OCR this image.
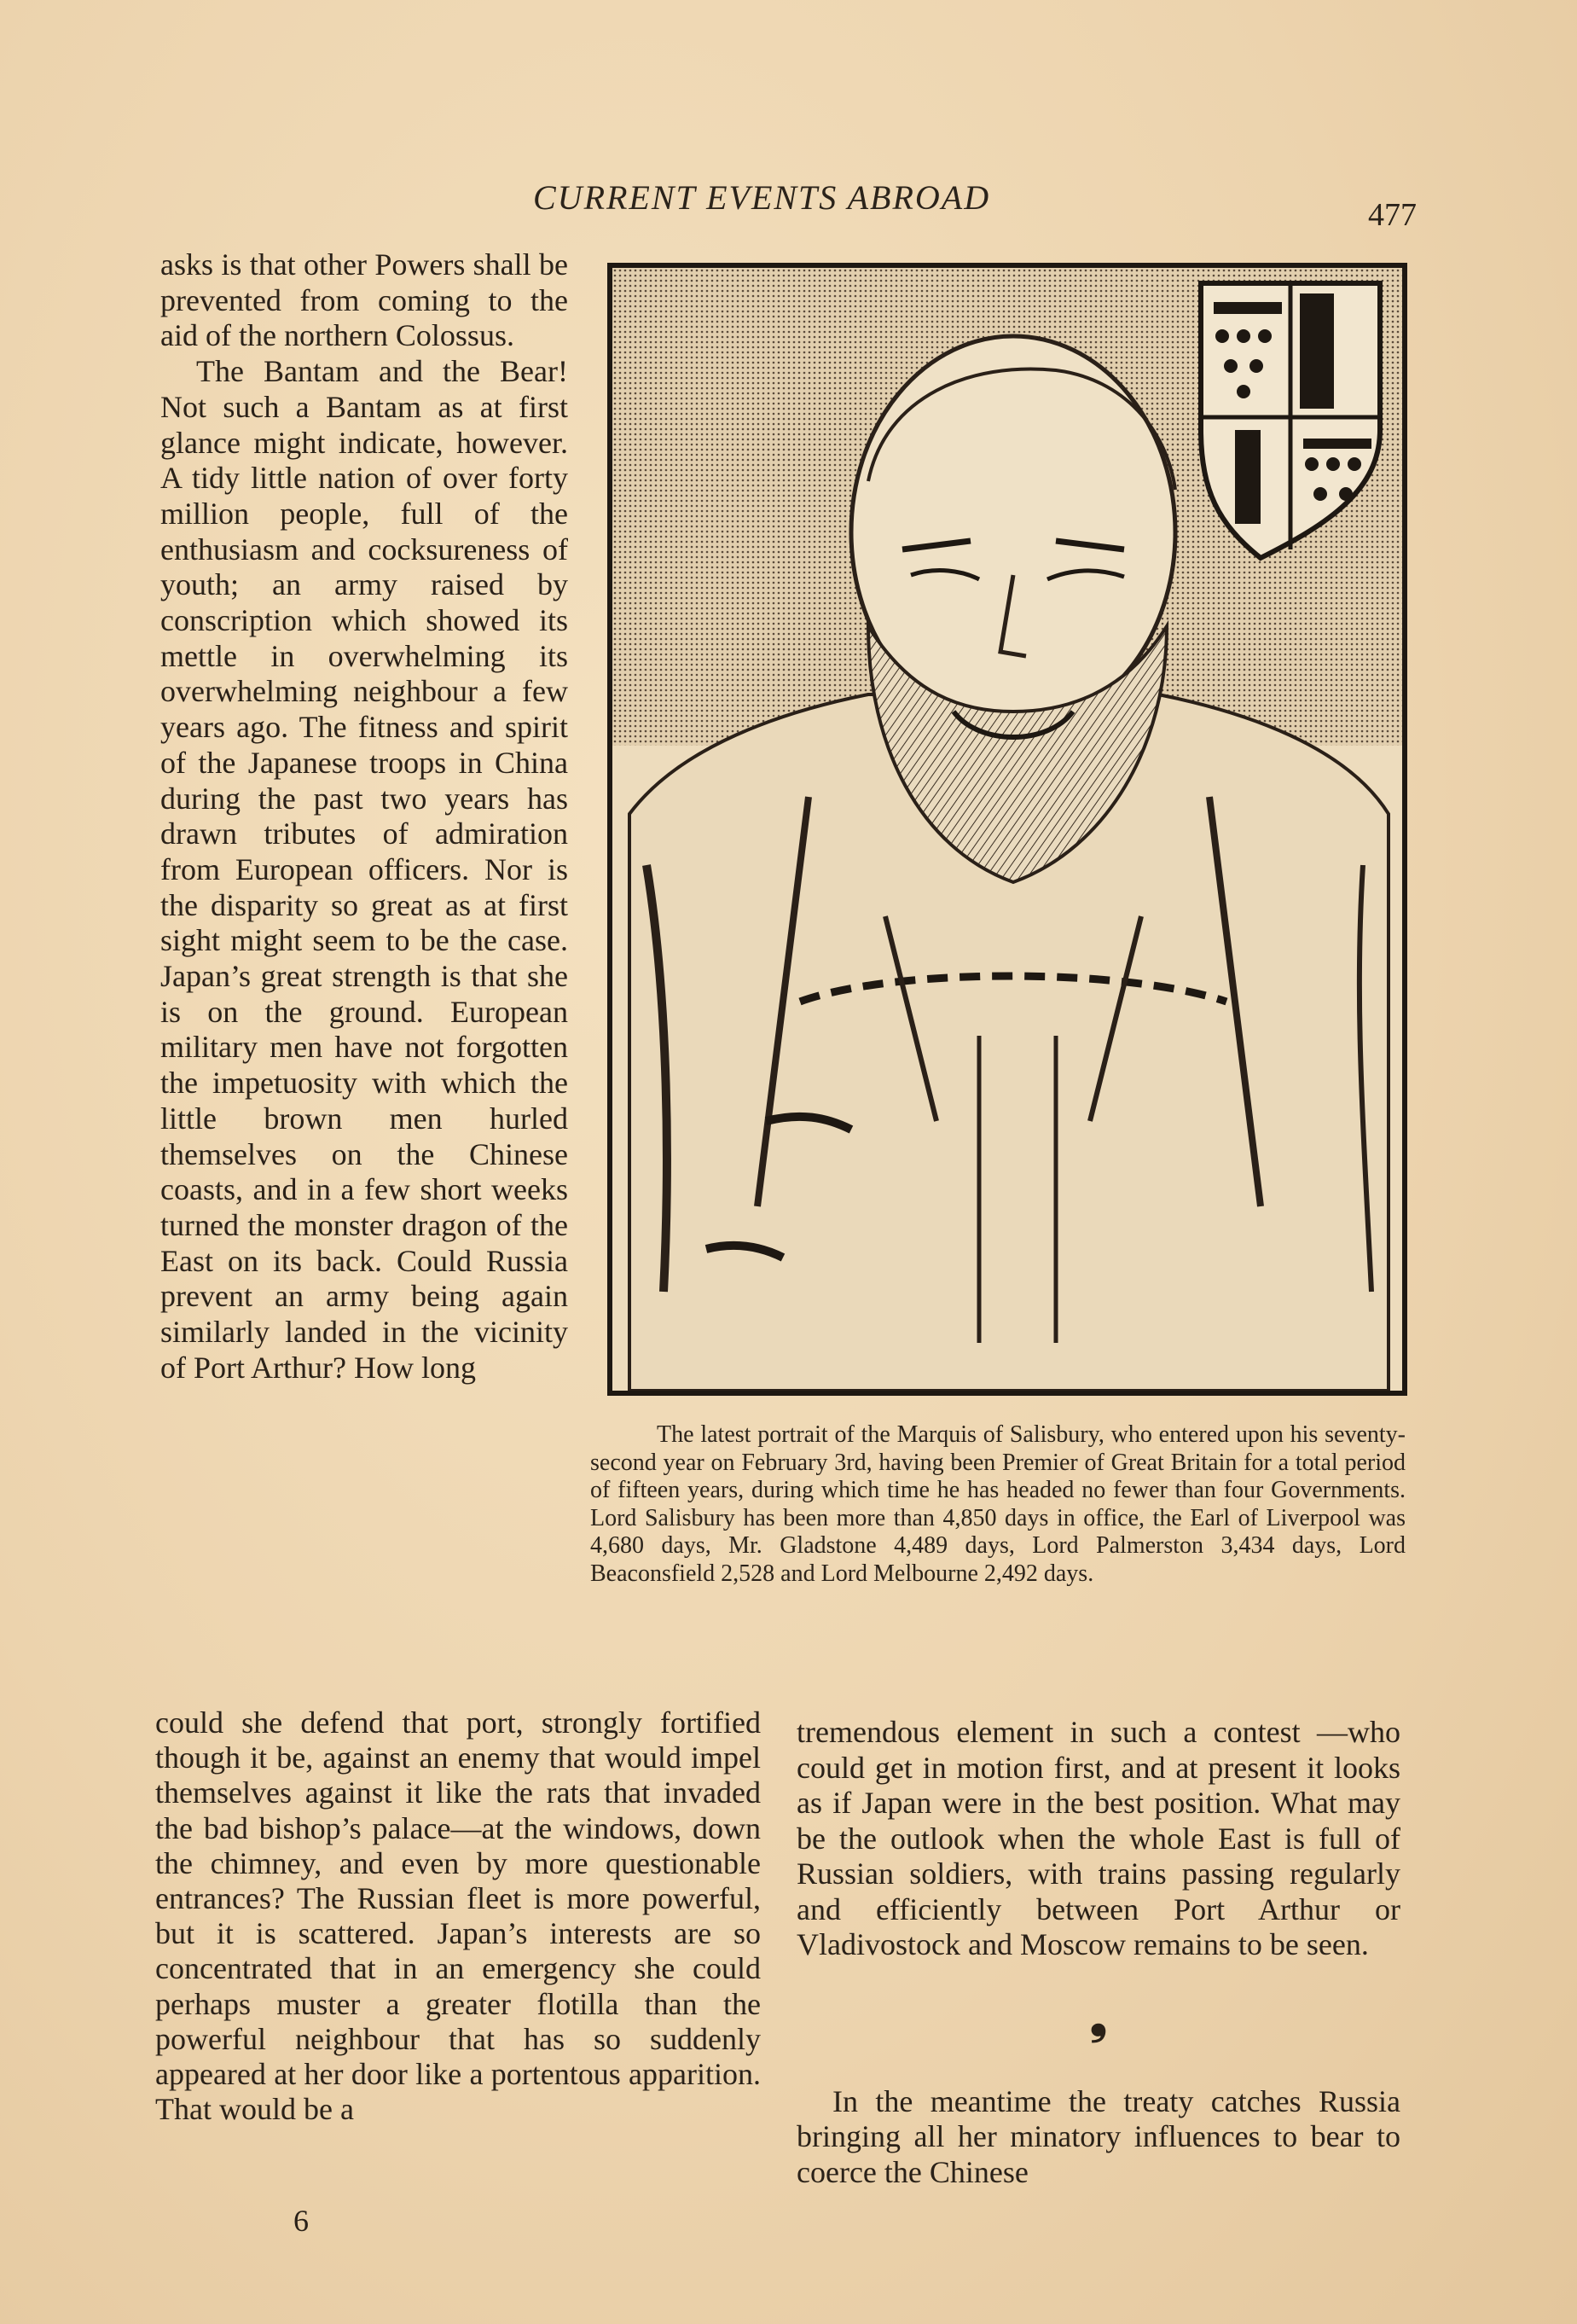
CURRENT EVENTS ABROAD	477

asks is that other Powers shall be prevented from coming to the aid of the northern Colossus.

The Bantam and the Bear! Not such a Bantam as at first glance might indicate, however. A tidy little nation of over forty million people, full of the enthusiasm and cocksureness of youth; an army raised by conscription which showed its mettle in overwhelming its overwhelming neighbour a few years ago. The fitness and spirit of the Japanese troops in China during the past two years has drawn tributes of admiration from European officers. Nor is the disparity so great as at first sight might seem to be the case. Japan’s great strength is that she is on the ground. European military men have not forgotten the impetuosity with which the little brown men hurled themselves on the Chinese coasts, and in a few short weeks turned the monster dragon of the East on its back. Could Russia prevent an army being again similarly landed in the vicinity of Port Arthur? How long

The latest portrait of the Marquis of Salisbury, who entered upon his seventy-second year on February 3rd, having been Premier of Great Britain for a total period of fifteen years, during which time he has headed no fewer than four Governments. Lord Salisbury has been more than 4,850 days in office, the Earl of Liverpool was 4,680 days, Mr. Gladstone 4,489 days, Lord Palmerston 3,434 days, Lord Beaconsfield 2,528 and Lord Melbourne 2,492 days.

could she defend that port, strongly fortified though it be, against an enemy that would impel themselves against it like the rats that invaded the bad bishop’s palace—at the windows, down the chimney, and even by more questionable entrances? The Russian fleet is more powerful, but it is scattered. Japan’s interests are so concentrated that in an emergency she could perhaps muster a greater flotilla than the powerful neighbour that has so suddenly appeared at her door like a portentous apparition. That would be a

tremendous element in such a contest —who could get in motion first, and at present it looks as if Japan were in the best position. What may be the outlook when the whole East is full of Russian soldiers, with trains passing regularly and efficiently between Port Arthur or Vladivostock and Moscow remains to be seen.

❟

In the meantime the treaty catches Russia bringing all her minatory influences to bear to coerce the Chinese

6
